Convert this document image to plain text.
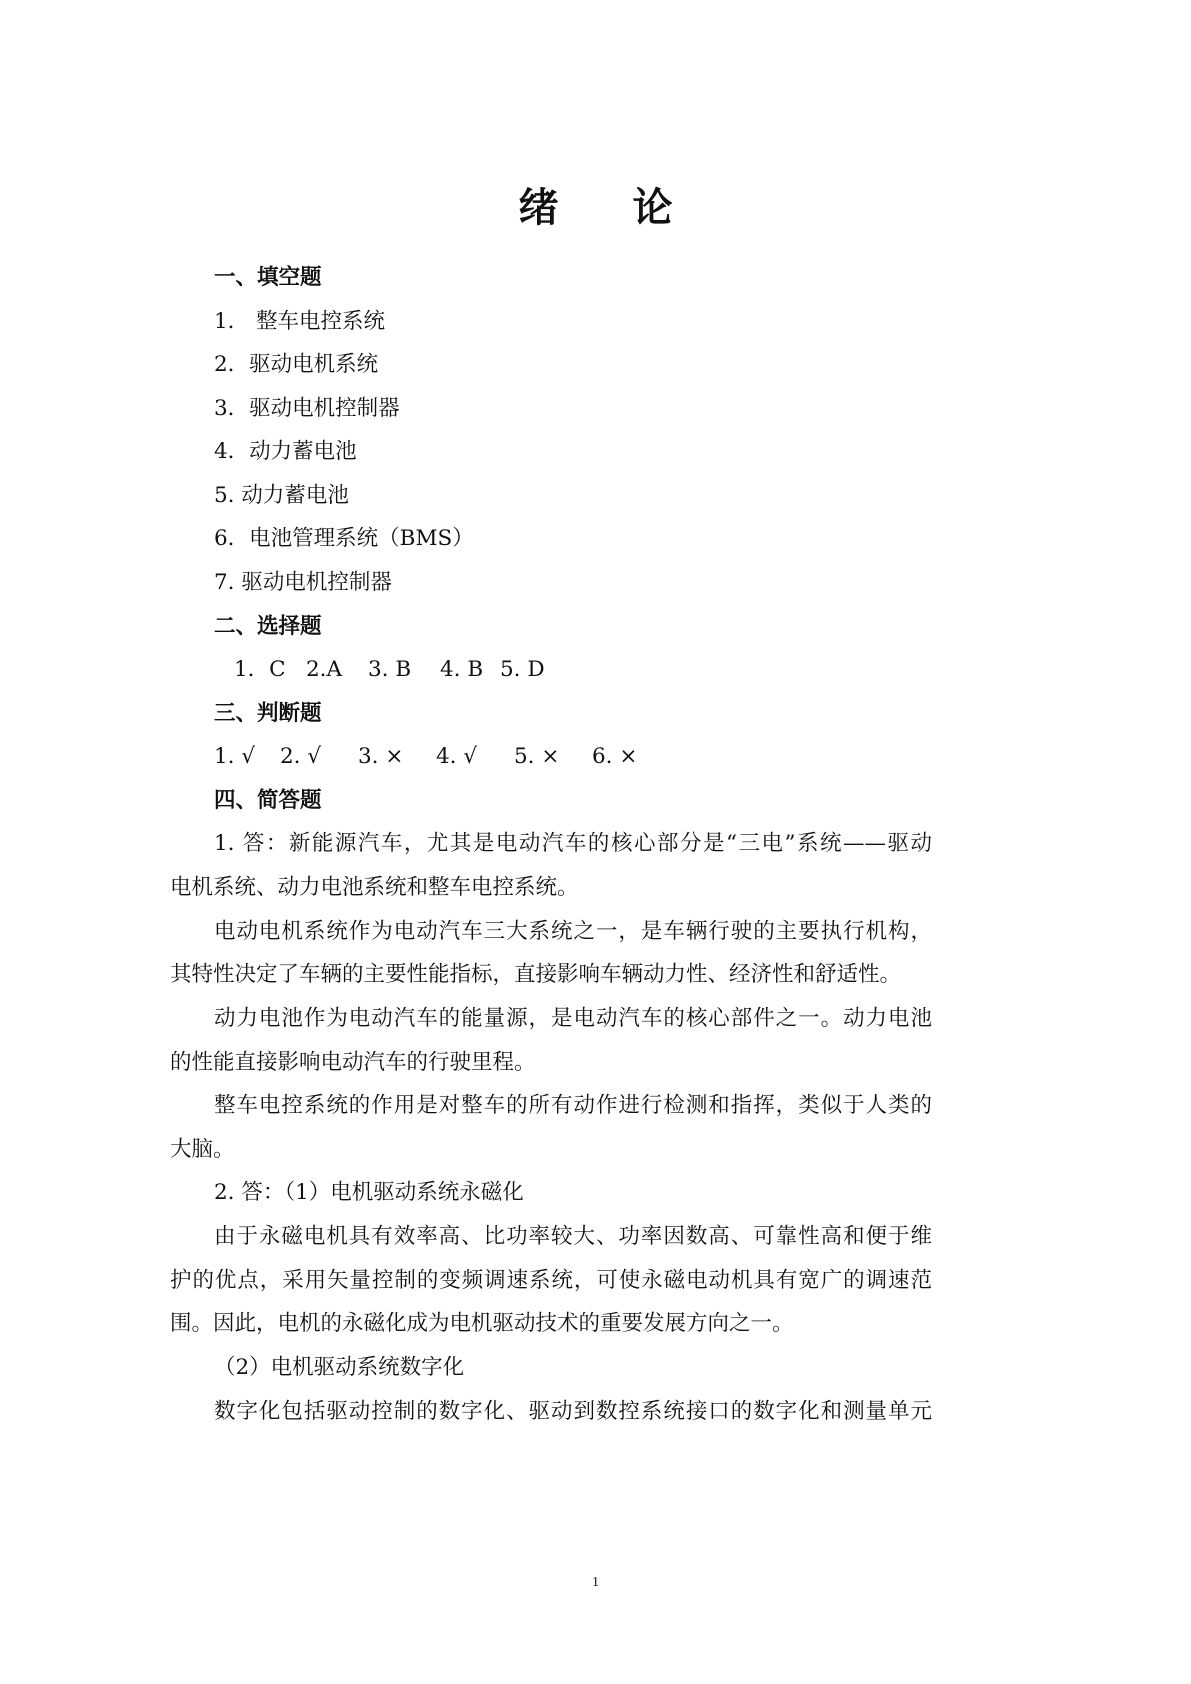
绪 论
一、填空题
1． 整车电控系统
2．驱动电机系统
3．驱动电机控制器
4．动力蓄电池
5. 动力蓄电池
6．电池管理系统（BMS）
7. 驱动电机控制器
二、选择题
1．C 2.A 3. B 4. B 5. D
三、判断题
1. √ 2. √ 3. × 4. √ 5. × 6. ×
四、简答题
1. 答：新能源汽车，尤其是电动汽车的核心部分是“三电”系统——驱动
电机系统、动力电池系统和整车电控系统。
电动电机系统作为电动汽车三大系统之一，是车辆行驶的主要执行机构，
其特性决定了车辆的主要性能指标，直接影响车辆动力性、经济性和舒适性。
动力电池作为电动汽车的能量源，是电动汽车的核心部件之一。动力电池
的性能直接影响电动汽车的行驶里程。
整车电控系统的作用是对整车的所有动作进行检测和指挥，类似于人类的
大脑。
2. 答：（1）电机驱动系统永磁化
由于永磁电机具有效率高、比功率较大、功率因数高、可靠性高和便于维
护的优点，采用矢量控制的变频调速系统，可使永磁电动机具有宽广的调速范
围。因此，电机的永磁化成为电机驱动技术的重要发展方向之一。
（2）电机驱动系统数字化
数字化包括驱动控制的数字化、驱动到数控系统接口的数字化和测量单元
1
